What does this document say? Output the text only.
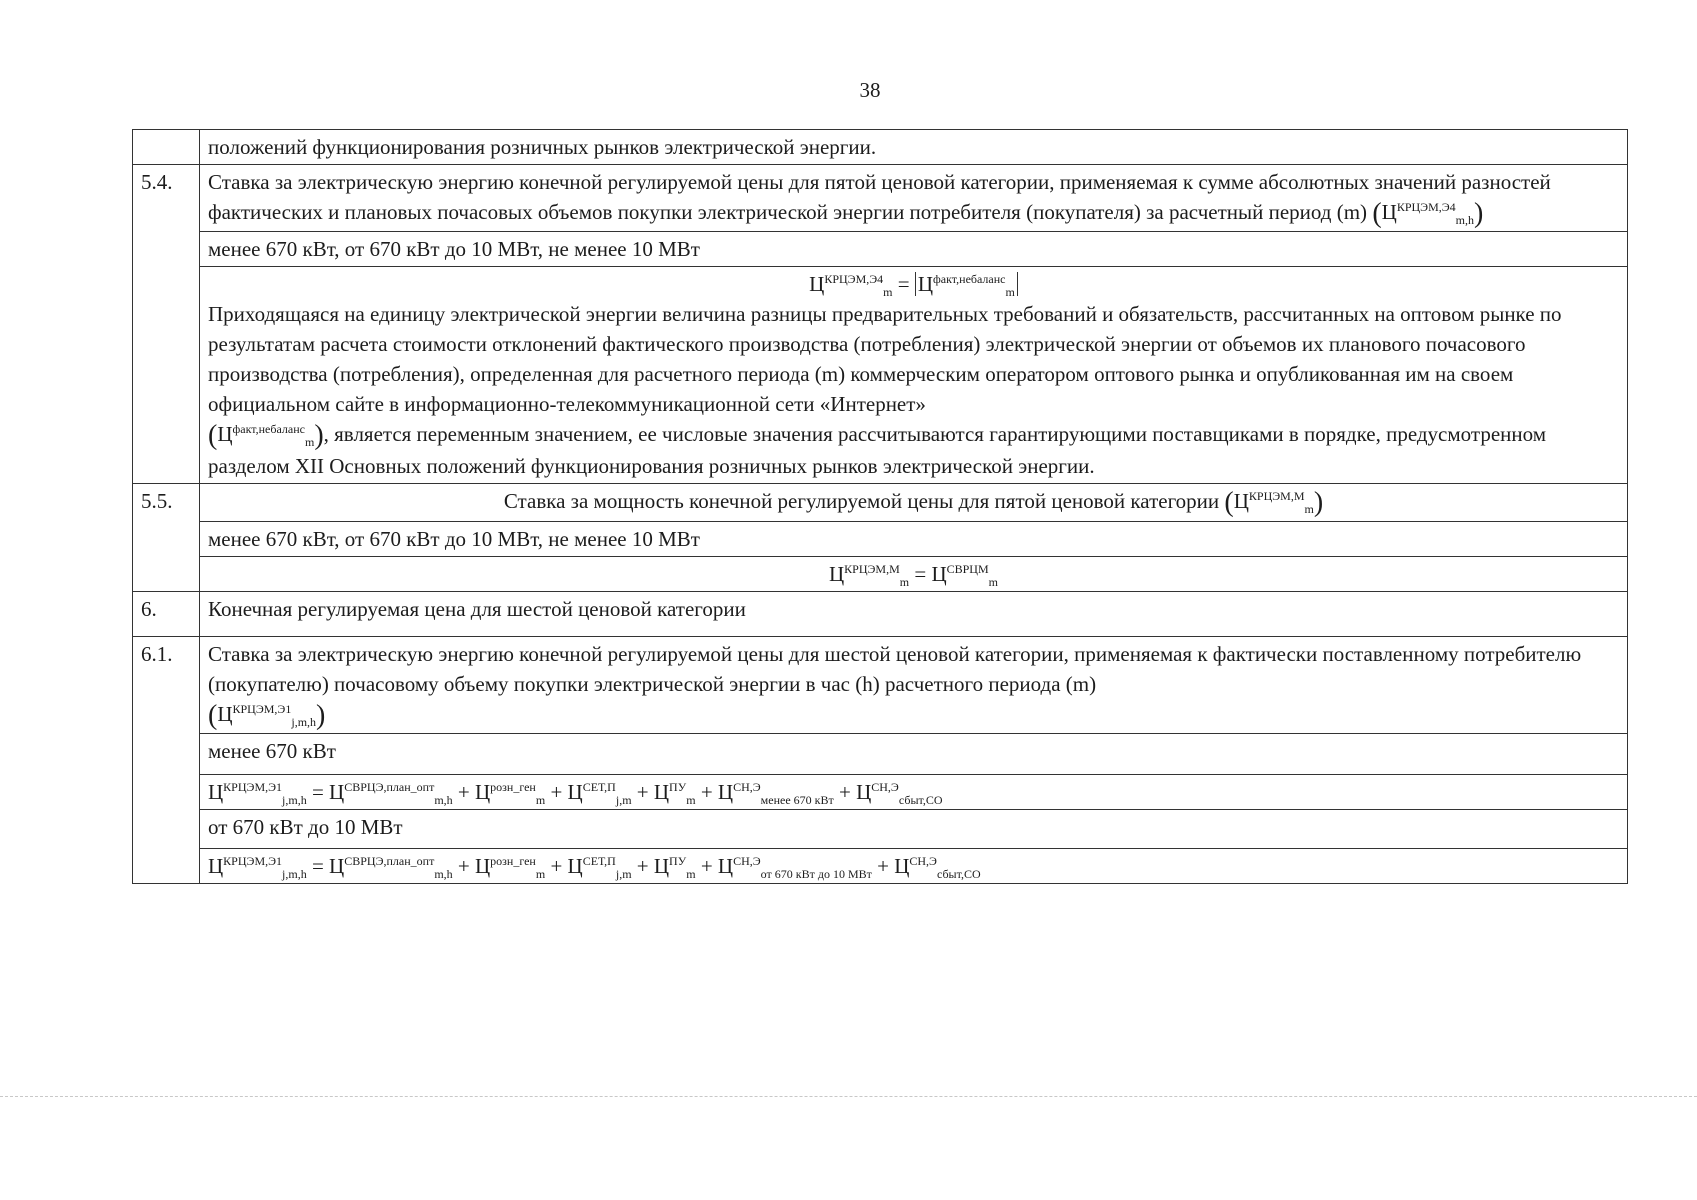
38
	положений функционирования розничных рынков электрической энергии.
5.4.	Ставка за электрическую энергию конечной регулируемой цены для пятой ценовой категории, применяемая к сумме абсолютных значений разностей фактических и плановых почасовых объемов покупки электрической энергии потребителя (покупателя) за расчетный период (m) $(Ц^{КРЦЭМ,Э4}_{m,h})$
	менее 670 кВт, от 670 кВт до 10 МВт, не менее 10 МВт

	$Ц^{КРЦЭМ,Э4}_m = Ц^{факт,небаланс}_m$
Приходящаяся на единицу электрической энергии величина разницы предварительных требований и обязательств, рассчитанных на оптовом рынке по результатам расчета стоимости отклонений фактического производства (потребления) электрической энергии от объемов их планового почасового производства (потребления), определенная для расчетного периода (m) коммерческим оператором оптового рынка и опубликованная им на своем официальном сайте в информационно-телекоммуникационной сети «Интернет»
$(Ц^{факт,небаланс}_m)$, является переменным значением, ее числовые значения рассчитываются гарантирующими поставщиками в порядке, предусмотренном разделом XII Основных положений функционирования розничных рынков электрической энергии.

5.5.	Ставка за мощность конечной регулируемой цены для пятой ценовой категории $(Ц^{КРЦЭМ,М}_m)$
	менее 670 кВт, от 670 кВт до 10 МВт, не менее 10 МВт
	$Ц^{КРЦЭМ,М}_m = Ц^{СВРЦМ}_m$
6.	Конечная регулируемая цена для шестой ценовой категории
6.1.	Ставка за электрическую энергию конечной регулируемой цены для шестой ценовой категории, применяемая к фактически поставленному потребителю (покупателю) почасовому объему покупки электрической энергии в час (h) расчетного периода (m)
$(Ц^{КРЦЭМ,Э1}_{j,m,h})$
	менее 670 кВт
	$Ц^{КРЦЭМ,Э1}_{j,m,h} = Ц^{СВРЦЭ,план\_опт}_{m,h} + Ц^{розн\_ген}_m + Ц^{СЕТ,П}_{j,m} + Ц^{ПУ}_m + Ц^{СН,Э}_{менее 670 кВт} + Ц^{СН,Э}_{сбыт,СО}$
	от 670 кВт до 10 МВт
	$Ц^{КРЦЭМ,Э1}_{j,m,h} = Ц^{СВРЦЭ,план\_опт}_{m,h} + Ц^{розн\_ген}_m + Ц^{СЕТ,П}_{j,m} + Ц^{ПУ}_m + Ц^{СН,Э}_{от 670 кВт до 10 МВт} + Ц^{СН,Э}_{сбыт,СО}$
